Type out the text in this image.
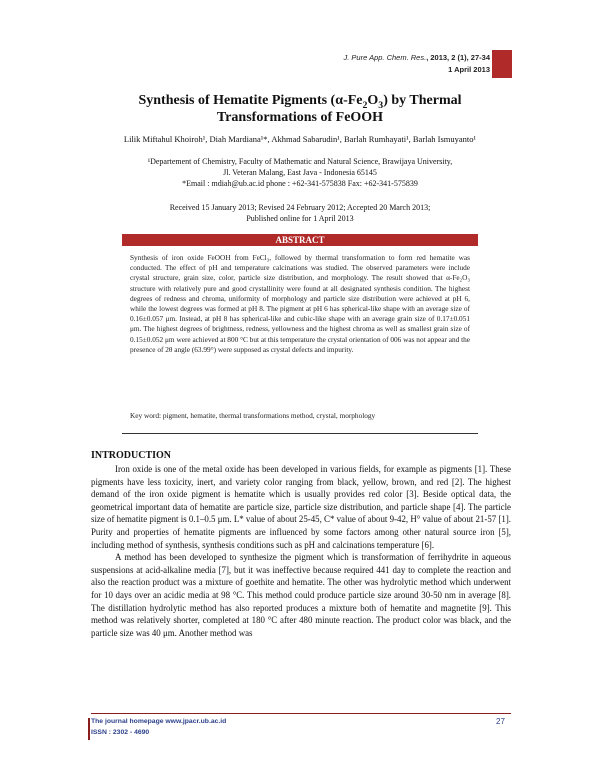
J. Pure App. Chem. Res., 2013, 2 (1), 27-34
1 April 2013
Synthesis of Hematite Pigments $(\alpha-Fe_2O_3)$ by Thermal
Transformations of FeOOH
Lilik Miftahul Khoiroh¹, Diah Mardiana¹*, Akhmad Sabarudin¹, Barlah Rumhayati¹, Barlah Ismuyanto¹
¹Departement of Chemistry, Faculty of Mathematic and Natural Science, Brawijaya University,
Jl. Veteran Malang, East Java - Indonesia 65145
*Email : mdiah@ub.ac.id phone : +62-341-575838 Fax: +62-341-575839
Received 15 January 2013; Revised 24 February 2012; Accepted 20 March 2013;
Published online for 1 April 2013
ABSTRACT
Synthesis of iron oxide FeOOH from FeCl₃, followed by thermal transformation to form red hematite was conducted. The effect of pH and temperature calcinations was studied. The observed parameters were include crystal structure, grain size, color, particle size distribution, and morphology. The result showed that α-Fe₂O₃ structure with relatively pure and good crystallinity were found at all designated synthesis condition. The highest degrees of redness and chroma, uniformity of morphology and particle size distribution were achieved at pH 6, while the lowest degrees was formed at pH 8. The pigment at pH 6 has spherical-like shape with an average size of 0.16±0.057 μm. Instead, at pH 8 has spherical-like and cubic-like shape with an average grain size of 0.17±0.051 μm. The highest degrees of brightness, redness, yellowness and the highest chroma as well as smallest grain size of 0.15±0.052 μm were achieved at 800 °C but at this temperature the crystal orientation of 006 was not appear and the presence of 2θ angle (63.99°) were supposed as crystal defects and impurity.
Key word: pigment, hematite, thermal transformations method, crystal, morphology
INTRODUCTION

Iron oxide is one of the metal oxide has been developed in various fields, for example as pigments [1]. These pigments have less toxicity, inert, and variety color ranging from black, yellow, brown, and red [2]. The highest demand of the iron oxide pigment is hematite which is usually provides red color [3]. Beside optical data, the geometrical important data of hematite are particle size, particle size distribution, and particle shape [4]. The particle size of hematite pigment is 0.1–0.5 μm. L* value of about 25-45, C* value of about 9-42, H° value of about 21-57 [1]. Purity and properties of hematite pigments are influenced by some factors among other natural source iron [5], including method of synthesis, synthesis conditions such as pH and calcinations temperature [6].

A method has been developed to synthesize the pigment which is transformation of ferrihydrite in aqueous suspensions at acid-alkaline media [7], but it was ineffective because required 441 day to complete the reaction and also the reaction product was a mixture of goethite and hematite. The other was hydrolytic method which underwent for 10 days over an acidic media at 98 °C. This method could produce particle size around 30-50 nm in average [8]. The distillation hydrolytic method has also reported produces a mixture both of hematite and magnetite [9]. This method was relatively shorter, completed at 180 °C after 480 minute reaction. The product color was black, and the particle size was 40 μm. Another method was

The journal homepage www.jpacr.ub.ac.id
ISSN : 2302 - 4690
27
